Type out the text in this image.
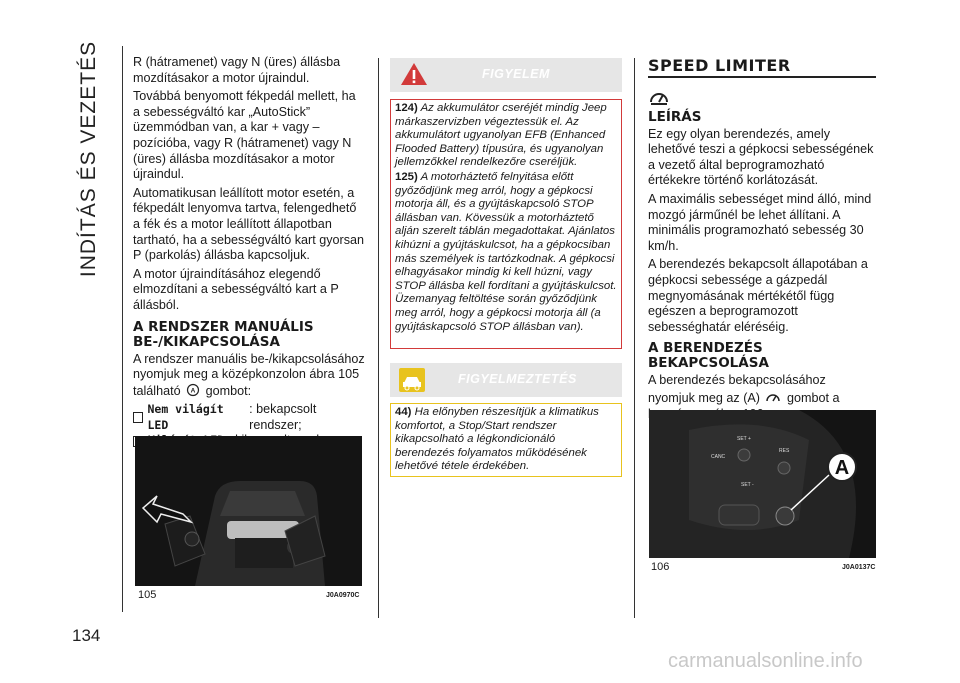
INDÍTÁS ÉS VEZETÉS
134

R (hátramenet) vagy N (üres) állásba mozdításakor a motor újraindul.

Továbbá benyomott fékpedál mellett, ha a sebességváltó kar „AutoStick” üzemmódban van, a kar + vagy – pozícióba, vagy R (hátramenet) vagy N (üres) állásba mozdításakor a motor újraindul.

Automatikusan leállított motor esetén, a fékpedált lenyomva tartva, felengedhető a fék és a motor leállított állapotban tartható, ha a sebességváltó kart gyorsan P (parkolás) állásba kapcsoljuk.

A motor újraindításához elegendő elmozdítani a sebességváltó kart a P állásból.

A RENDSZER MANUÁLIS BE-/KIKAPCSOLÁSA

A rendszer manuális be-/kikapcsolásához nyomjuk meg a középkonzolon ábra 105 található A gombot:

Nem világít LED
: bekapcsolt rendszer;
105	J0A0970C
FIGYELEM

124) Az akkumulátor cseréjét mindig Jeep márkaszervizben végeztessük el. Az akkumulátort ugyanolyan EFB (Enhanced Flooded Battery) típusúra, és ugyanolyan jellemzőkkel rendelkezőre cseréljük.

125) A motorháztető felnyitása előtt győződjünk meg arról, hogy a gépkocsi motorja áll, és a gyújtáskapcsoló STOP állásban van. Kövessük a motorháztető alján szerelt táblán megadottakat. Ajánlatos kihúzni a gyújtáskulcsot, ha a gépkocsiban más személyek is tartózkodnak. A gépkocsi elhagyásakor mindig ki kell húzni, vagy STOP állásba kell fordítani a gyújtáskulcsot. Üzemanyag feltöltése során győződjünk meg arról, hogy a gépkocsi motorja áll (a gyújtáskapcsoló STOP állásban van).

FIGYELMEZTETÉS

44) Ha előnyben részesítjük a klimatikus komfortot, a Stop/Start rendszer kikapcsolható a légkondicionáló berendezés folyamatos működésének lehetővé tétele érdekében.

SPEED LIMITER
LEÍRÁS

Ez egy olyan berendezés, amely lehetővé teszi a gépkocsi sebességének a vezető által beprogramozható értékekre történő korlátozását.

A maximális sebességet mind álló, mind mozgó járműnél be lehet állítani. A minimális programozható sebesség 30 km/h.

A berendezés bekapcsolt állapotában a gépkocsi sebessége a gázpedál megnyomásának mértékétől függ egészen a beprogramozott sebességhatár eléréséig.

A BERENDEZÉS BEKAPCSOLÁSA

A berendezés bekapcsolásához nyomjuk meg az (A) gombot a

CANC
RES
SET +
SET -
A
106	J0A0137C
carmanualsonline.info
